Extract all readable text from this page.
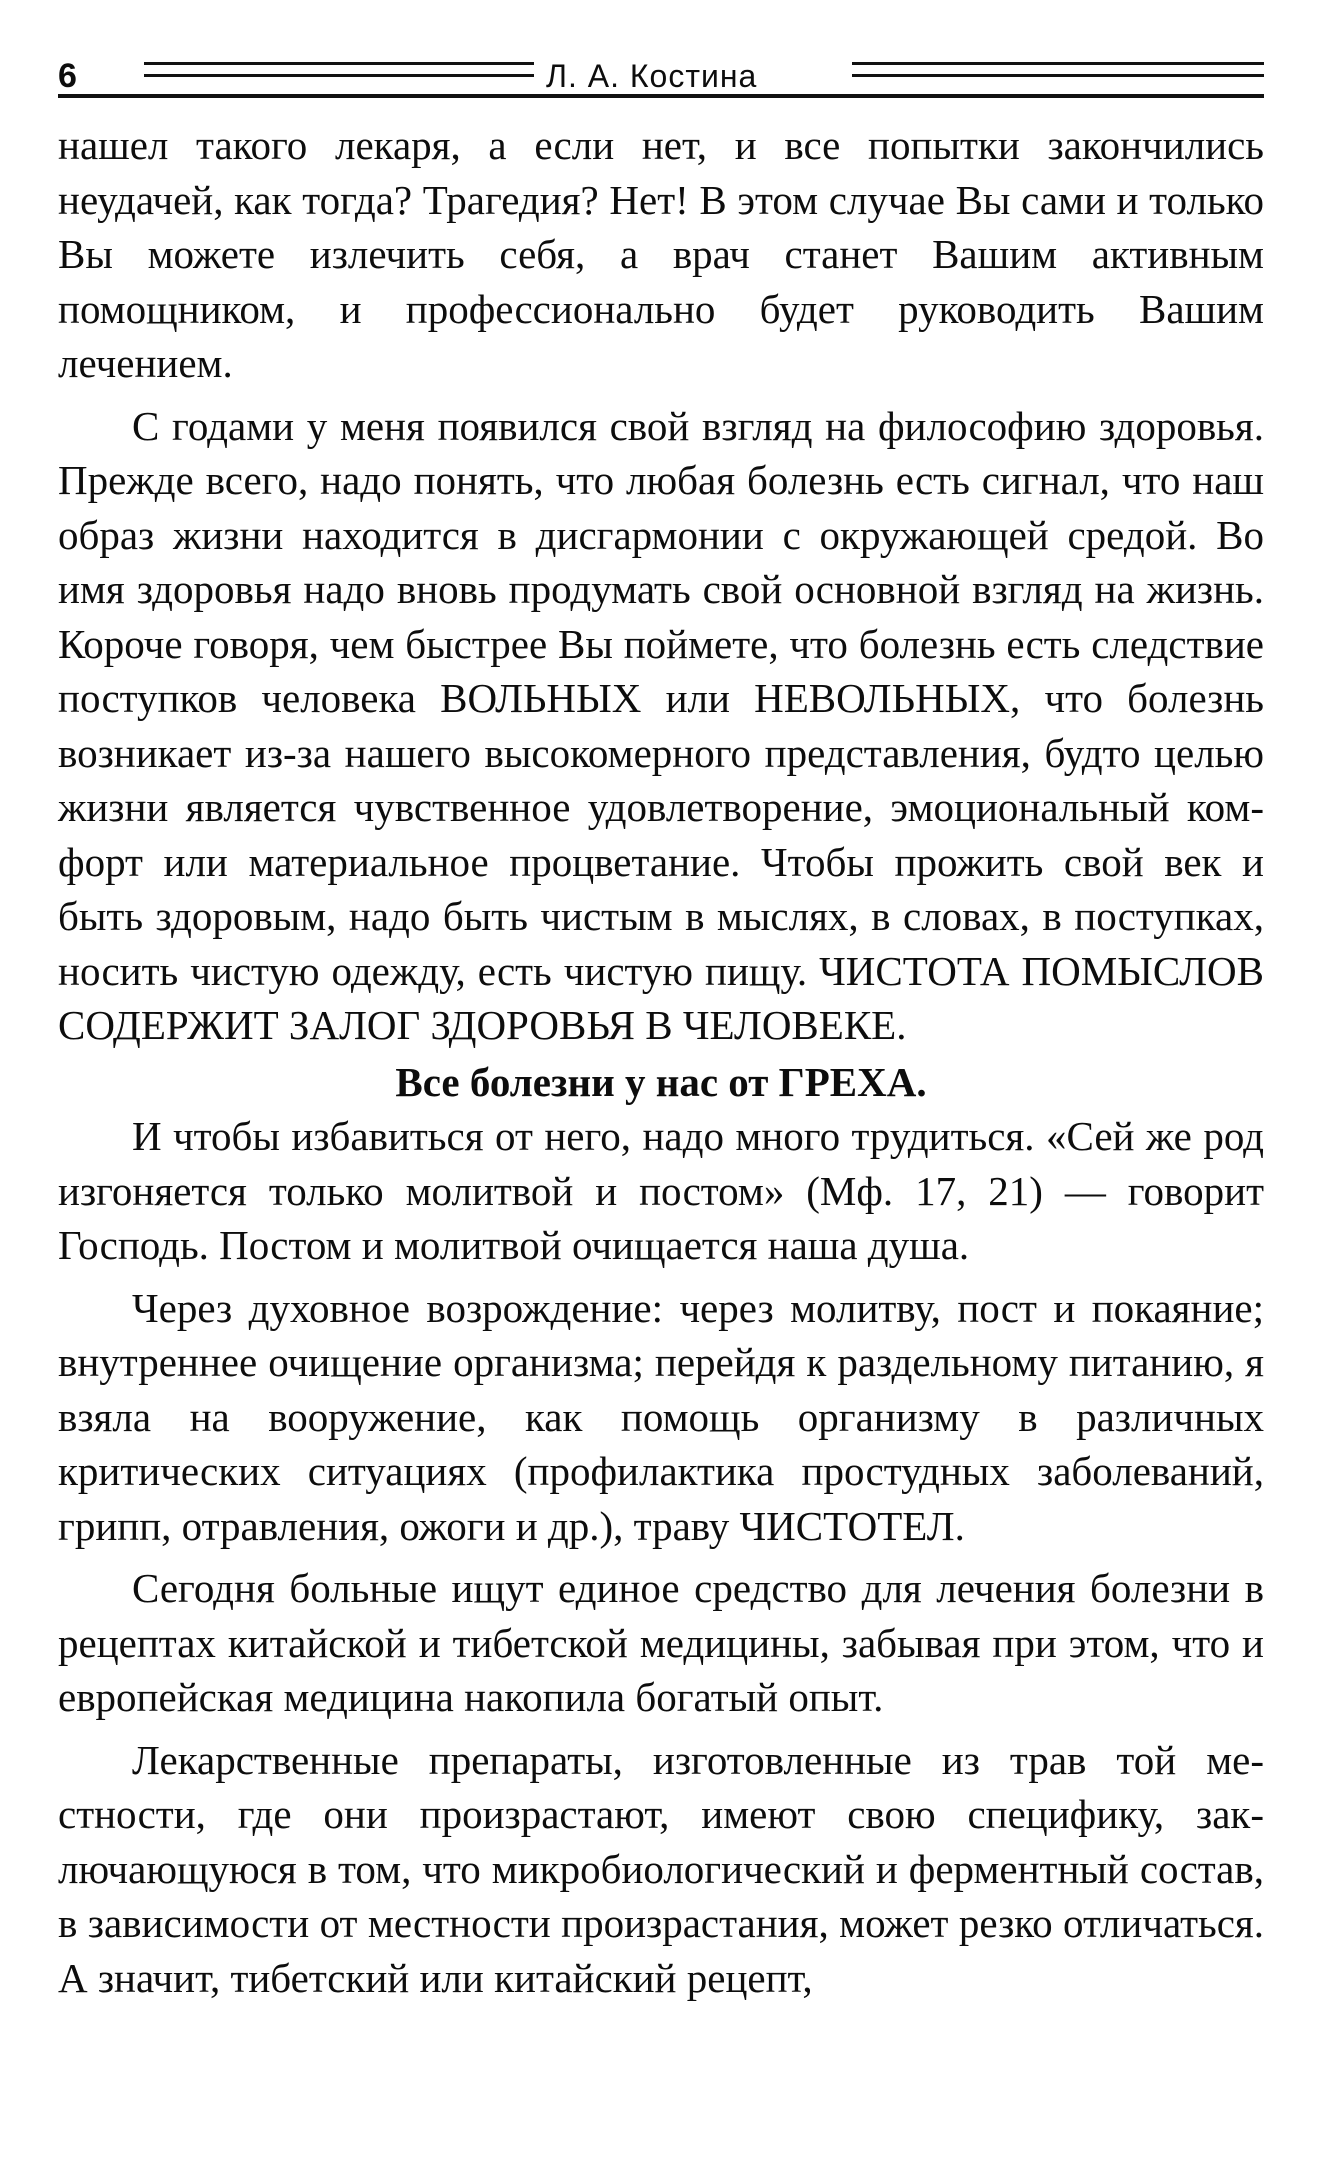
6	Л. А. Костина

нашел такого лекаря, а если нет, и все попытки закончились неудачей, как тогда? Трагедия? Нет! В этом случае Вы сами и только Вы можете излечить себя, а врач станет Вашим активным помощником, и профессионально будет руководить Вашим лечением.

С годами у меня появился свой взгляд на философию здоровья. Прежде всего, надо понять, что любая болезнь есть сигнал, что наш образ жизни находится в дисгармонии с окружающей средой. Во имя здоровья надо вновь продумать свой основной взгляд на жизнь. Короче говоря, чем быстрее Вы поймете, что болезнь есть следствие поступков человека ВОЛЬНЫХ или НЕВОЛЬНЫХ, что болезнь возникает из-за нашего высокомерного представления, будто целью жизни является чувственное удовлетворение, эмоциональный комфорт или материальное процветание. Чтобы прожить свой век и быть здоровым, надо быть чистым в мыслях, в словах, в поступках, носить чистую одежду, есть чистую пищу. ЧИСТОТА ПОМЫСЛОВ СОДЕРЖИТ ЗАЛОГ ЗДОРОВЬЯ В ЧЕЛОВЕКЕ.

Все болезни у нас от ГРЕХА.

И чтобы избавиться от него, надо много трудиться. «Сей же род изгоняется только молитвой и постом» (Мф. 17, 21) — говорит Господь. Постом и молитвой очищается наша душа.

Через духовное возрождение: через молитву, пост и покаяние; внутреннее очищение организма; перейдя к раздельному питанию, я взяла на вооружение, как помощь организму в различных критических ситуациях (профилактика простудных заболеваний, грипп, отравления, ожоги и др.), траву ЧИСТОТЕЛ.

Сегодня больные ищут единое средство для лечения болезни в рецептах китайской и тибетской медицины, забывая при этом, что и европейская медицина накопила богатый опыт.

Лекарственные препараты, изготовленные из трав той местности, где они произрастают, имеют свою специфику, заключающуюся в том, что микробиологический и ферментный состав, в зависимости от местности произрастания, может резко отличаться. А значит, тибетский или китайский рецепт,
